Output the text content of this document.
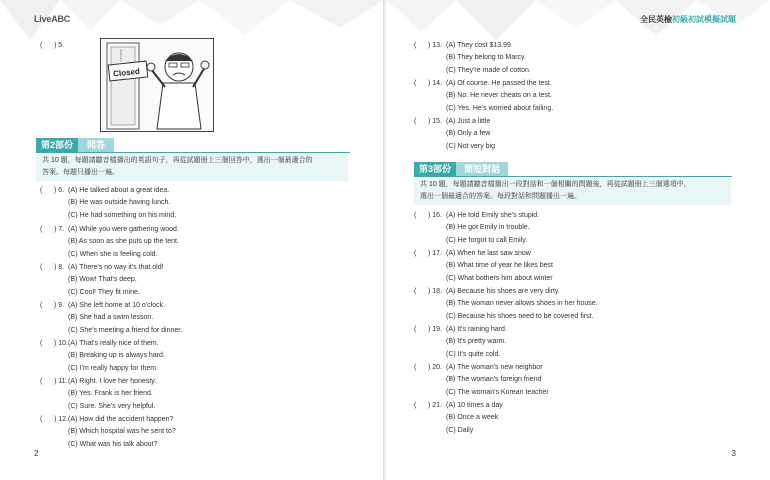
LiveABC
(      ) 5.
Closed
第2部份	問答
共 10 題，每題請聽音檔播出的英語句子，再從試題冊上三個回答中，選出一個最適合的
答案。每題只播出一遍。
(      ) 6. (A) He talked about a great idea.
(B) He was outside having lunch.
(C) He had something on his mind.
(      ) 7. (A) While you were gathering wood.
(B) As soon as she puts up the tent.
(C) When she is feeling cold.
(      ) 8. (A) There's no way it's that old!
(B) Wow! That's deep.
(C) Cool! They fit mine.
(      ) 9. (A) She left home at 10 o'clock.
(B) She had a swim lesson.
(C) She's meeting a friend for dinner.
(      ) 10. (A) That's really nice of them.
(B) Breaking up is always hard.
(C) I'm really happy for them.
(      ) 11. (A) Right. I love her honesty.
(B) Yes. Frank is her friend.
(C) Sure. She's very helpful.
(      ) 12. (A) How did the accident happen?
(B) Which hospital was he sent to?
(C) What was his talk about?
2
全民英檢初級初試模擬試題
(      ) 13. (A) They cost $13.99.
(B) They belong to Marcy.
(C) They're made of cotton.
(      ) 14. (A) Of course. He passed the test.
(B) No. He never cheats on a test.
(C) Yes. He's worried about failing.
(      ) 15. (A) Just a little
(B) Only a few
(C) Not very big
第3部份	簡短對話
共 10 題，每題請聽音檔播出一段對話和一個相關的問題後，再從試題冊上三個選項中，
選出一個最適合的答案。每段對話和問題播出一遍。
(      ) 16. (A) He told Emily she's stupid.
(B) He got Emily in trouble.
(C) He forgot to call Emily.
(      ) 17. (A) When he last saw snow
(B) What time of year he likes best
(C) What bothers him about winter
(      ) 18. (A) Because his shoes are very dirty.
(B) The woman never allows shoes in her house.
(C) Because his shoes need to be covered first.
(      ) 19. (A) It's raining hard.
(B) It's pretty warm.
(C) It's quite cold.
(      ) 20. (A) The woman's new neighbor
(B) The woman's foreign friend
(C) The woman's Korean teacher
(      ) 21. (A) 10 times a day
(B) Once a week
(C) Daily
3
